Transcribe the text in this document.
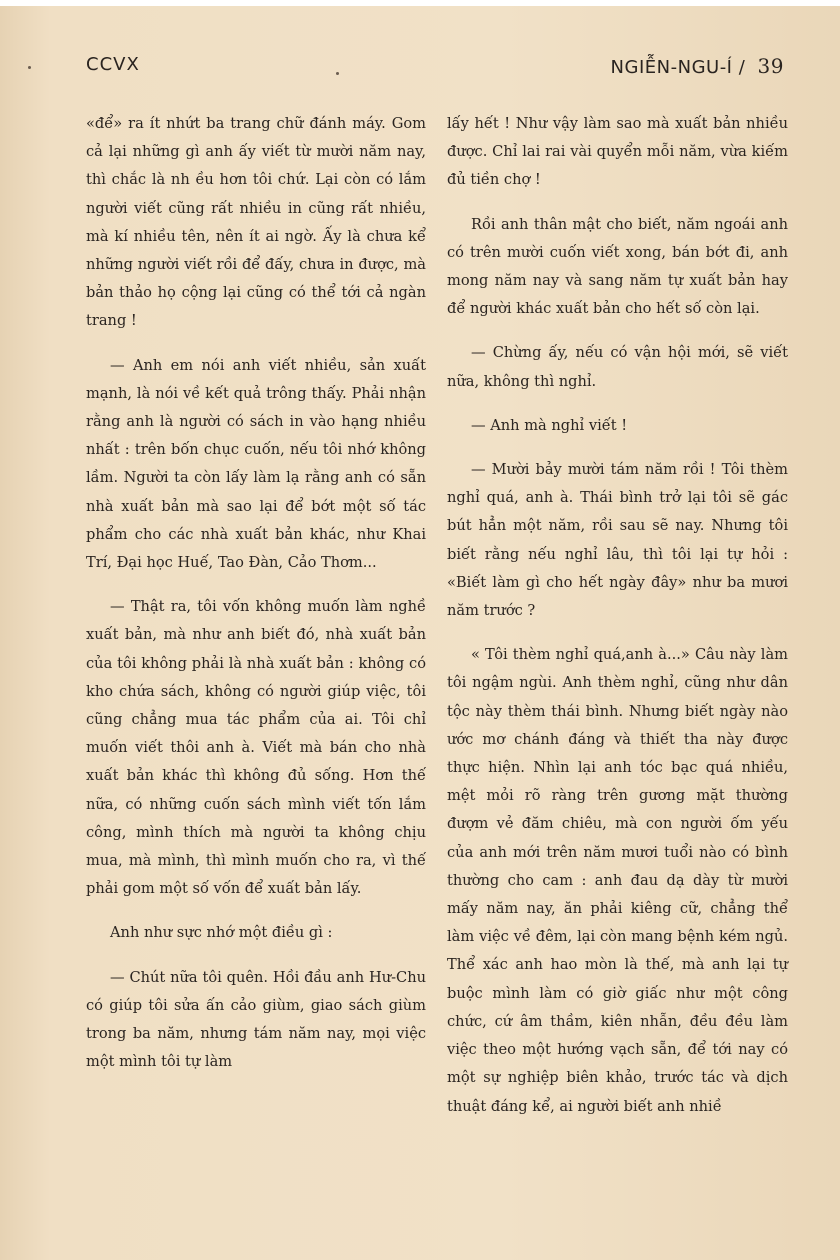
CCVX	NGIỄN-NGU-Í / 39

«để» ra ít nhứt ba trang chữ đánh máy. Gom cả lại những gì anh ấy viết từ mười năm nay, thì chắc là nh ều hơn tôi chứ. Lại còn có lắm người viết cũng rất nhiều in cũng rất nhiều, mà kí nhiều tên, nên ít ai ngờ. Ấy là chưa kể những người viết rồi để đấy, chưa in được, mà bản thảo họ cộng lại cũng có thể tới cả ngàn trang !

— Anh em nói anh viết nhiều, sản xuất mạnh, là nói về kết quả trông thấy. Phải nhận rằng anh là người có sách in vào hạng nhiều nhất : trên bốn chục cuốn, nếu tôi nhớ không lầm. Người ta còn lấy làm lạ rằng anh có sẵn nhà xuất bản mà sao lại để bớt một số tác phẩm cho các nhà xuất bản khác, như Khai Trí, Đại học Huế, Tao Đàn, Cảo Thơm...

— Thật ra, tôi vốn không muốn làm nghề xuất bản, mà như anh biết đó, nhà xuất bản của tôi không phải là nhà xuất bản : không có kho chứa sách, không có người giúp việc, tôi cũng chẳng mua tác phẩm của ai. Tôi chỉ muốn viết thôi anh à. Viết mà bán cho nhà xuất bản khác thì không đủ sống. Hơn thế nữa, có những cuốn sách mình viết tốn lắm công, mình thích mà người ta không chịu mua, mà mình, thì mình muốn cho ra, vì thế phải gom một số vốn để xuất bản lấy.

Anh như sực nhớ một điều gì :

— Chút nữa tôi quên. Hồi đầu anh Hư-Chu có giúp tôi sửa ấn cảo giùm, giao sách giùm trong ba năm, nhưng tám năm nay, mọi việc một mình tôi tự làm

lấy hết ! Như vậy làm sao mà xuất bản nhiều được. Chỉ lai rai vài quyển mỗi năm, vừa kiếm đủ tiền chợ !

Rồi anh thân mật cho biết, năm ngoái anh có trên mười cuốn viết xong, bán bớt đi, anh mong năm nay và sang năm tự xuất bản hay để người khác xuất bản cho hết số còn lại.

— Chừng ấy, nếu có vận hội mới, sẽ viết nữa, không thì nghỉ.

— Anh mà nghỉ viết !

— Mười bảy mười tám năm rồi ! Tôi thèm nghỉ quá, anh à. Thái bình trở lại tôi sẽ gác bút hẳn một năm, rồi sau sẽ nay. Nhưng tôi biết rằng nếu nghỉ lâu, thì tôi lại tự hỏi : «Biết làm gì cho hết ngày đây» như ba mươi năm trước ?

« Tôi thèm nghỉ quá,anh à...» Câu này làm tôi ngậm ngùi. Anh thèm nghỉ, cũng như dân tộc này thèm thái bình. Nhưng biết ngày nào ước mơ chánh đáng và thiết tha này được thực hiện. Nhìn lại anh tóc bạc quá nhiều, mệt mỏi rõ ràng trên gương mặt thường đượm vẻ đăm chiêu, mà con người ốm yếu của anh mới trên năm mươi tuổi nào có bình thường cho cam : anh đau dạ dày từ mười mấy năm nay, ăn phải kiêng cữ, chẳng thể làm việc về đêm, lại còn mang bệnh kém ngủ. Thể xác anh hao mòn là thế, mà anh lại tự buộc mình làm có giờ giấc như một công chức, cứ âm thầm, kiên nhẫn, đều đều làm việc theo một hướng vạch sẵn, để tới nay có một sự nghiệp biên khảo, trước tác và dịch thuật đáng kể, ai người biết anh nhiề
